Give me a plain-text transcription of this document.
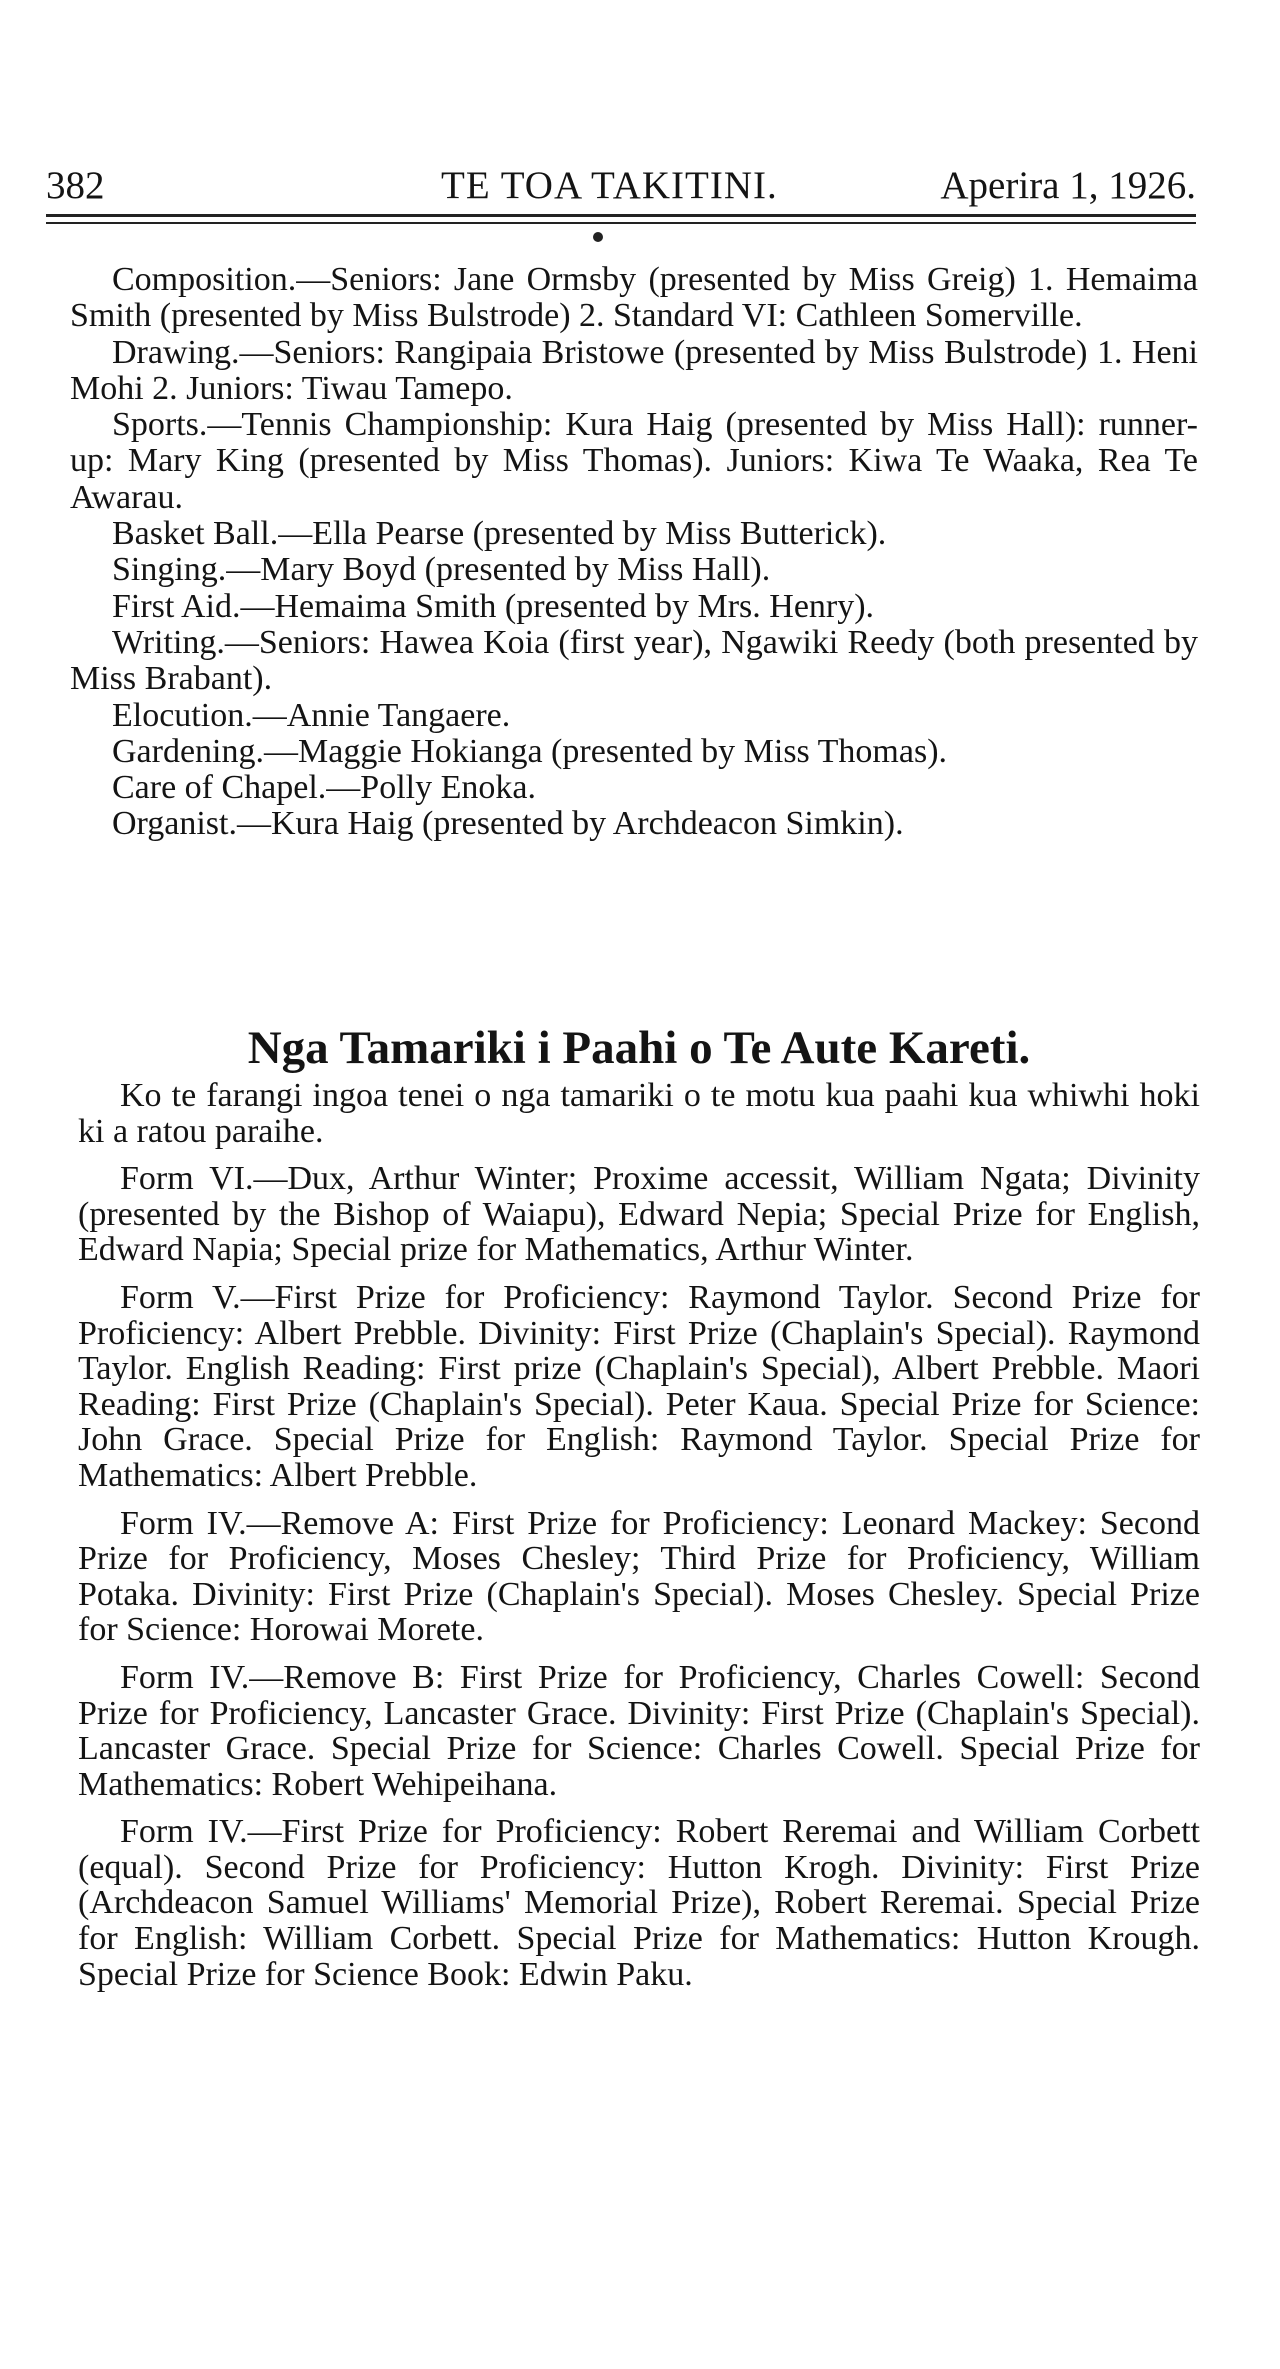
382	TE TOA TAKITINI.	Aperira 1, 1926.

Composition.—Seniors: Jane Ormsby (presented by Miss Greig) 1. Hemaima Smith (presented by Miss Bulstrode) 2. Standard VI: Cathleen Somerville.

Drawing.—Seniors: Rangipaia Bristowe (presented by Miss Bulstrode) 1. Heni Mohi 2. Juniors: Tiwau Tamepo.

Sports.—Tennis Championship: Kura Haig (presented by Miss Hall): runner-up: Mary King (presented by Miss Thomas). Juniors: Kiwa Te Waaka, Rea Te Awarau.

Basket Ball.—Ella Pearse (presented by Miss Butterick).

Singing.—Mary Boyd (presented by Miss Hall).

First Aid.—Hemaima Smith (presented by Mrs. Henry).

Writing.—Seniors: Hawea Koia (first year), Ngawiki Reedy (both presented by Miss Brabant).

Elocution.—Annie Tangaere.

Gardening.—Maggie Hokianga (presented by Miss Thomas).

Care of Chapel.—Polly Enoka.

Organist.—Kura Haig (presented by Archdeacon Simkin).

Nga Tamariki i Paahi o Te Aute Kareti.

Ko te farangi ingoa tenei o nga tamariki o te motu kua paahi kua whiwhi hoki ki a ratou paraihe.

Form VI.—Dux, Arthur Winter; Proxime accessit, William Ngata; Divinity (presented by the Bishop of Waiapu), Edward Nepia; Special Prize for English, Edward Napia; Special prize for Mathematics, Arthur Winter.

Form V.—First Prize for Proficiency: Raymond Taylor. Second Prize for Proficiency: Albert Prebble. Divinity: First Prize (Chaplain's Special). Raymond Taylor. English Reading: First prize (Chaplain's Special), Albert Prebble. Maori Reading: First Prize (Chaplain's Special). Peter Kaua. Special Prize for Science: John Grace. Special Prize for English: Raymond Taylor. Special Prize for Mathematics: Albert Prebble.

Form IV.—Remove A: First Prize for Proficiency: Leonard Mackey: Second Prize for Proficiency, Moses Chesley; Third Prize for Proficiency, William Potaka. Divinity: First Prize (Chaplain's Special). Moses Chesley. Special Prize for Science: Horowai Morete.

Form IV.—Remove B: First Prize for Proficiency, Charles Cowell: Second Prize for Proficiency, Lancaster Grace. Divinity: First Prize (Chaplain's Special). Lancaster Grace. Special Prize for Science: Charles Cowell. Special Prize for Mathematics: Robert Wehipeihana.

Form IV.—First Prize for Proficiency: Robert Reremai and William Corbett (equal). Second Prize for Proficiency: Hutton Krogh. Divinity: First Prize (Archdeacon Samuel Williams' Memorial Prize), Robert Reremai. Special Prize for English: William Corbett. Special Prize for Mathematics: Hutton Krough. Special Prize for Science Book: Edwin Paku.
